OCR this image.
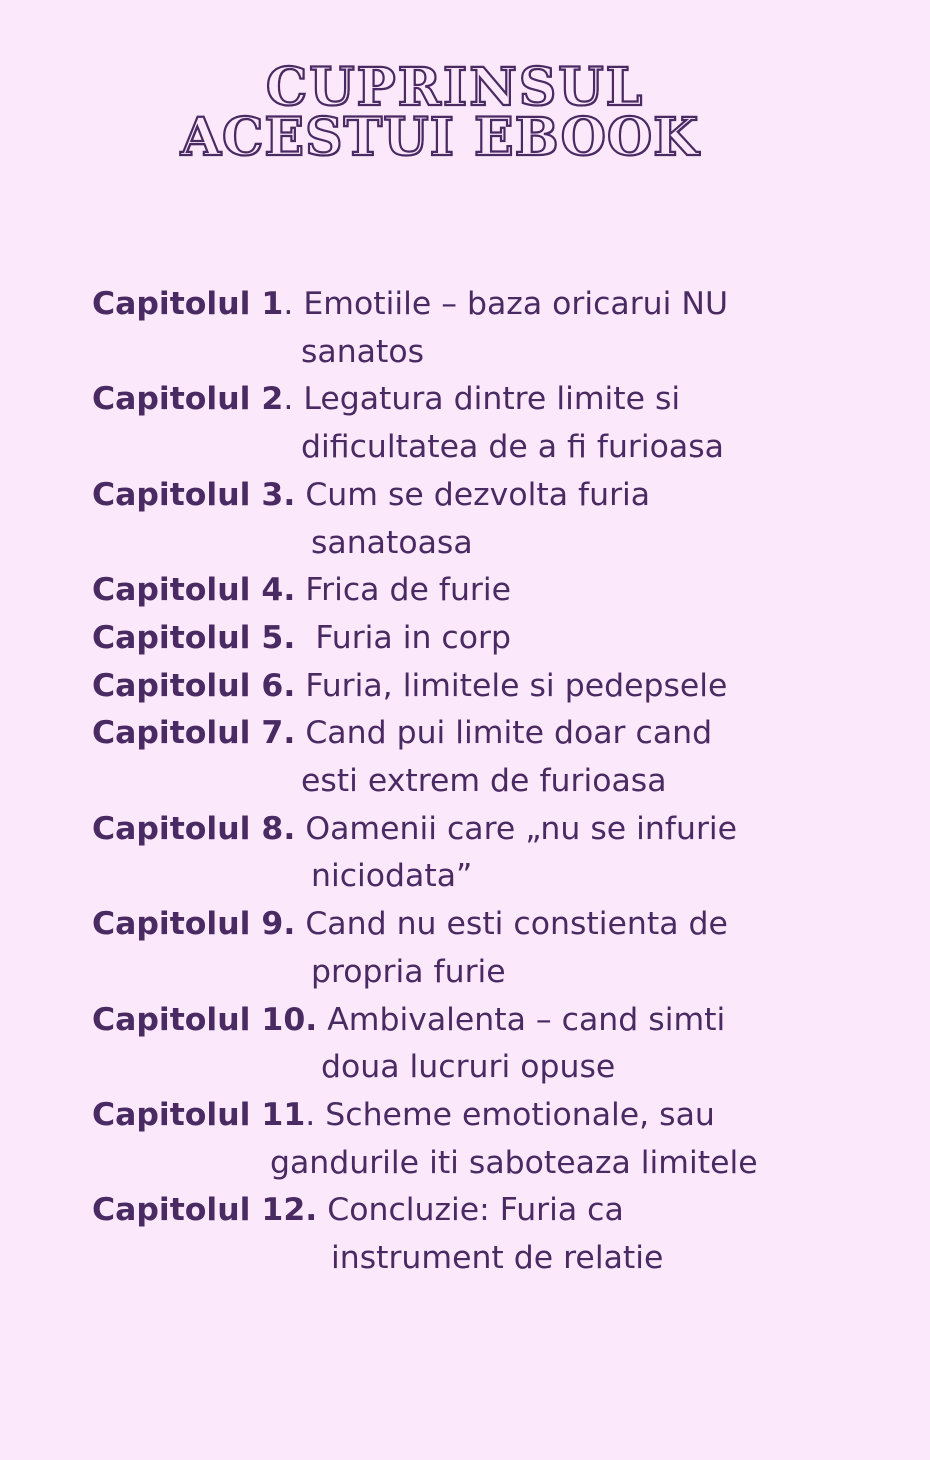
CUPRINSUL
ACESTUI EBOOK
Capitolul 1. Emotiile – baza oricarui NU
sanatos
Capitolul 2. Legatura dintre limite si
dificultatea de a fi furioasa
Capitolul 3. Cum se dezvolta furia
sanatoasa
Capitolul 4. Frica de furie
Capitolul 5. Furia in corp
Capitolul 6. Furia, limitele si pedepsele
Capitolul 7. Cand pui limite doar cand
esti extrem de furioasa
Capitolul 8. Oamenii care „nu se infurie
niciodata”
Capitolul 9. Cand nu esti constienta de
propria furie
Capitolul 10. Ambivalenta – cand simti
doua lucruri opuse
Capitolul 11. Scheme emotionale, sau
gandurile iti saboteaza limitele
Capitolul 12. Concluzie: Furia ca
instrument de relatie
